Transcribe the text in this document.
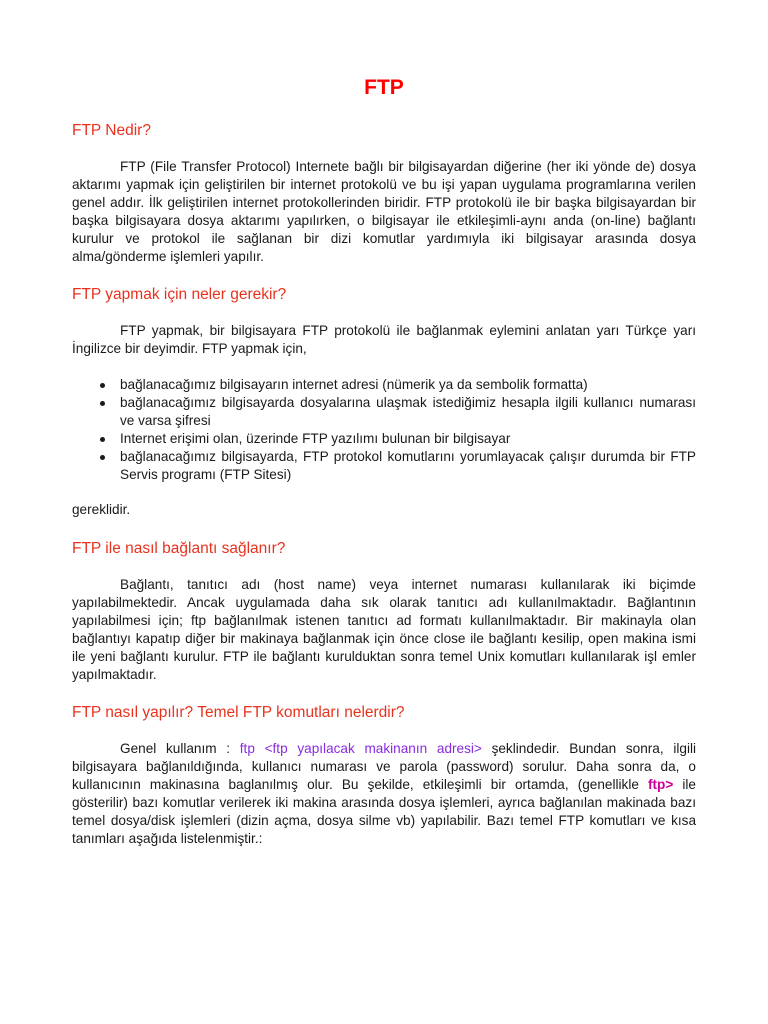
FTP
FTP Nedir?

FTP (File Transfer Protocol) Internete bağlı bir bilgisayardan diğerine (her iki yönde de) dosya aktarımı yapmak için geliştirilen bir internet protokolü ve bu işi yapan uygulama programlarına verilen genel addır. İlk geliştirilen internet protokollerinden biridir. FTP protokolü ile bir başka bilgisayardan bir başka bilgisayara dosya aktarımı yapılırken, o bilgisayar ile etkileşimli-aynı anda (on-line) bağlantı kurulur ve protokol ile sağlanan bir dizi komutlar yardımıyla iki bilgisayar arasında dosya alma/gönderme işlemleri yapılır.

FTP yapmak için neler gerekir?

FTP yapmak, bir bilgisayara FTP protokolü ile bağlanmak eylemini anlatan yarı Türkçe yarı İngilizce bir deyimdir. FTP yapmak için,

bağlanacağımız bilgisayarın internet adresi (nümerik ya da sembolik formatta)
bağlanacağımız bilgisayarda dosyalarına ulaşmak istediğimiz hesapla ilgili kullanıcı numarası ve varsa şifresi
Internet erişimi olan, üzerinde FTP yazılımı bulunan bir bilgisayar
bağlanacağımız bilgisayarda, FTP protokol komutlarını yorumlayacak çalışır durumda bir FTP Servis programı (FTP Sitesi)

gereklidir.

FTP ile nasıl bağlantı sağlanır?

Bağlantı, tanıtıcı adı (host name) veya internet numarası kullanılarak iki biçimde yapılabilmektedir. Ancak uygulamada daha sık olarak tanıtıcı adı kullanılmaktadır. Bağlantının yapılabilmesi için; ftp bağlanılmak istenen tanıtıcı ad formatı kullanılmaktadır. Bir makinayla olan bağlantıyı kapatıp diğer bir makinaya bağlanmak için önce close ile bağlantı kesilip, open makina ismi ile yeni bağlantı kurulur. FTP ile bağlantı kurulduktan sonra temel Unix komutları kullanılarak işl emler yapılmaktadır.

FTP nasıl yapılır? Temel FTP komutları nelerdir?

Genel kullanım : ftp <ftp yapılacak makinanın adresi> şeklindedir. Bundan sonra, ilgili bilgisayara bağlanıldığında, kullanıcı numarası ve parola (password) sorulur. Daha sonra da, o kullanıcının makinasına baglanılmış olur. Bu şekilde, etkileşimli bir ortamda, (genellikle ftp> ile gösterilir) bazı komutlar verilerek iki makina arasında dosya işlemleri, ayrıca bağlanılan makinada bazı temel dosya/disk işlemleri (dizin açma, dosya silme vb) yapılabilir. Bazı temel FTP komutları ve kısa tanımları aşağıda listelenmiştir.:
